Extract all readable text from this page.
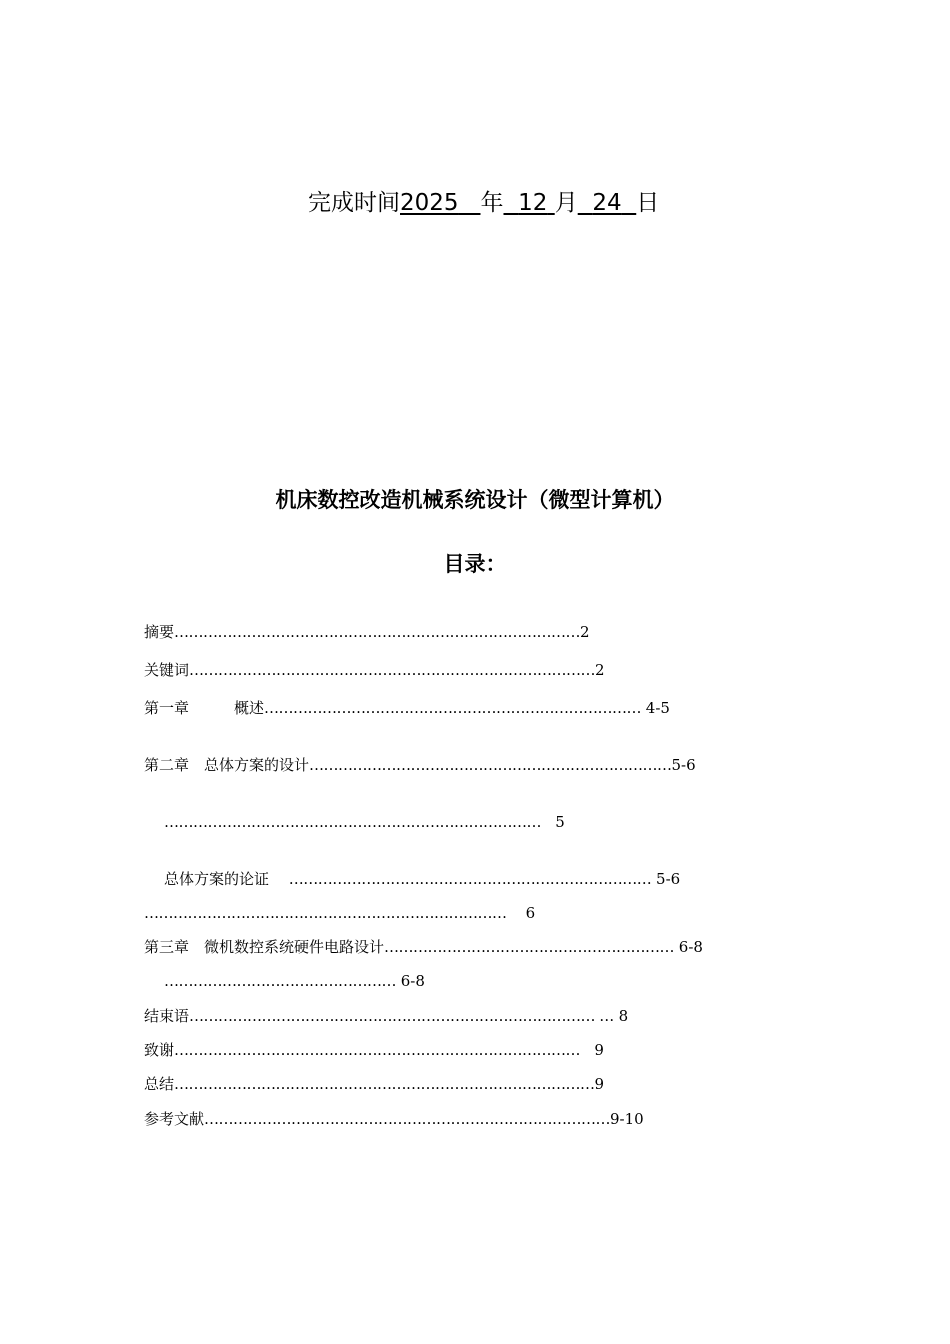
完成时间2025 年 12 月 24 日
机床数控改造机械系统设计（微型计算机）
目录：
摘要…………………………………………………………………………2
关键词…………………………………………………………………………2
第一章　　　概述…………………………………………………………………… 4-5
第二章　总体方案的设计…………………………………………………………………5-6
……………………………………………………………………   5
总体方案的论证　 ………………………………………………………………… 5-6
…………………………………………………………………    6
第三章　微机数控系统硬件电路设计…………………………………………………… 6-8
………………………………………… 6-8
结束语………………………………………………………………………… … 8
致谢…………………………………………………………………………   9
总结……………………………………………………………………………9
参考文献…………………………………………………………………………9-10
